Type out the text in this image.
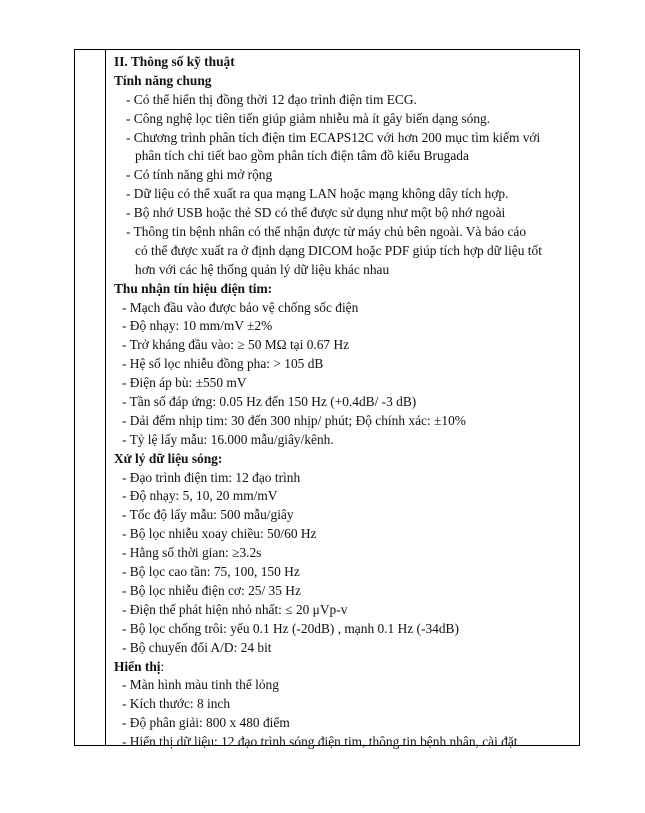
II. Thông số kỹ thuật
Tính năng chung
- Có thể hiển thị đồng thời 12 đạo trình điện tim ECG.
- Công nghệ lọc tiên tiến giúp giảm nhiễu mà ít gây biến dạng sóng.
- Chương trình phân tích điện tim ECAPS12C với hơn 200 mục tìm kiếm với
phân tích chi tiết bao gồm phân tích điện tâm đồ kiểu Brugada
- Có tính năng ghi mở rộng
- Dữ liệu có thể xuất ra qua mạng LAN hoặc mạng không dây tích hợp.
- Bộ nhớ USB hoặc thẻ SD có thể được sử dụng như một bộ nhớ ngoài
- Thông tin bệnh nhân có thể nhận được từ máy chủ bên ngoài. Và báo cáo
có thể được xuất ra ở định dạng DICOM hoặc PDF giúp tích hợp dữ liệu tốt
hơn với các hệ thống quản lý dữ liệu khác nhau
Thu nhận tín hiệu điện tim:
- Mạch đầu vào được bảo vệ chống sốc điện
- Độ nhạy: 10 mm/mV ±2%
- Trở kháng đầu vào: ≥ 50 MΩ tại 0.67 Hz
- Hệ số lọc nhiễu đồng pha: > 105 dB
- Điện áp bù: ±550 mV
- Tần số đáp ứng: 0.05 Hz đến 150 Hz (+0.4dB/ -3 dB)
- Dải đếm nhịp tim: 30 đến 300 nhịp/ phút; Độ chính xác: ±10%
- Tỷ lệ lấy mẫu: 16.000 mẫu/giây/kênh.
Xử lý dữ liệu sóng:
- Đạo trình điện tim: 12 đạo trình
- Độ nhạy: 5, 10, 20 mm/mV
- Tốc độ lấy mẫu: 500 mẫu/giây
- Bộ lọc nhiễu xoay chiều: 50/60 Hz
- Hằng số thời gian: ≥3.2s
- Bộ lọc cao tần: 75, 100, 150 Hz
- Bộ lọc nhiễu điện cơ: 25/ 35 Hz
- Điện thế phát hiện nhỏ nhất: ≤ 20 μVp-v
- Bộ lọc chống trôi: yếu 0.1 Hz (-20dB) , mạnh 0.1 Hz (-34dB)
- Bộ chuyển đổi A/D: 24 bit
Hiển thị:
- Màn hình màu tinh thể lỏng
- Kích thước: 8 inch
- Độ phân giải: 800 x 480 điểm
- Hiển thị dữ liệu: 12 đạo trình sóng điện tim, thông tin bệnh nhân, cài đặt
